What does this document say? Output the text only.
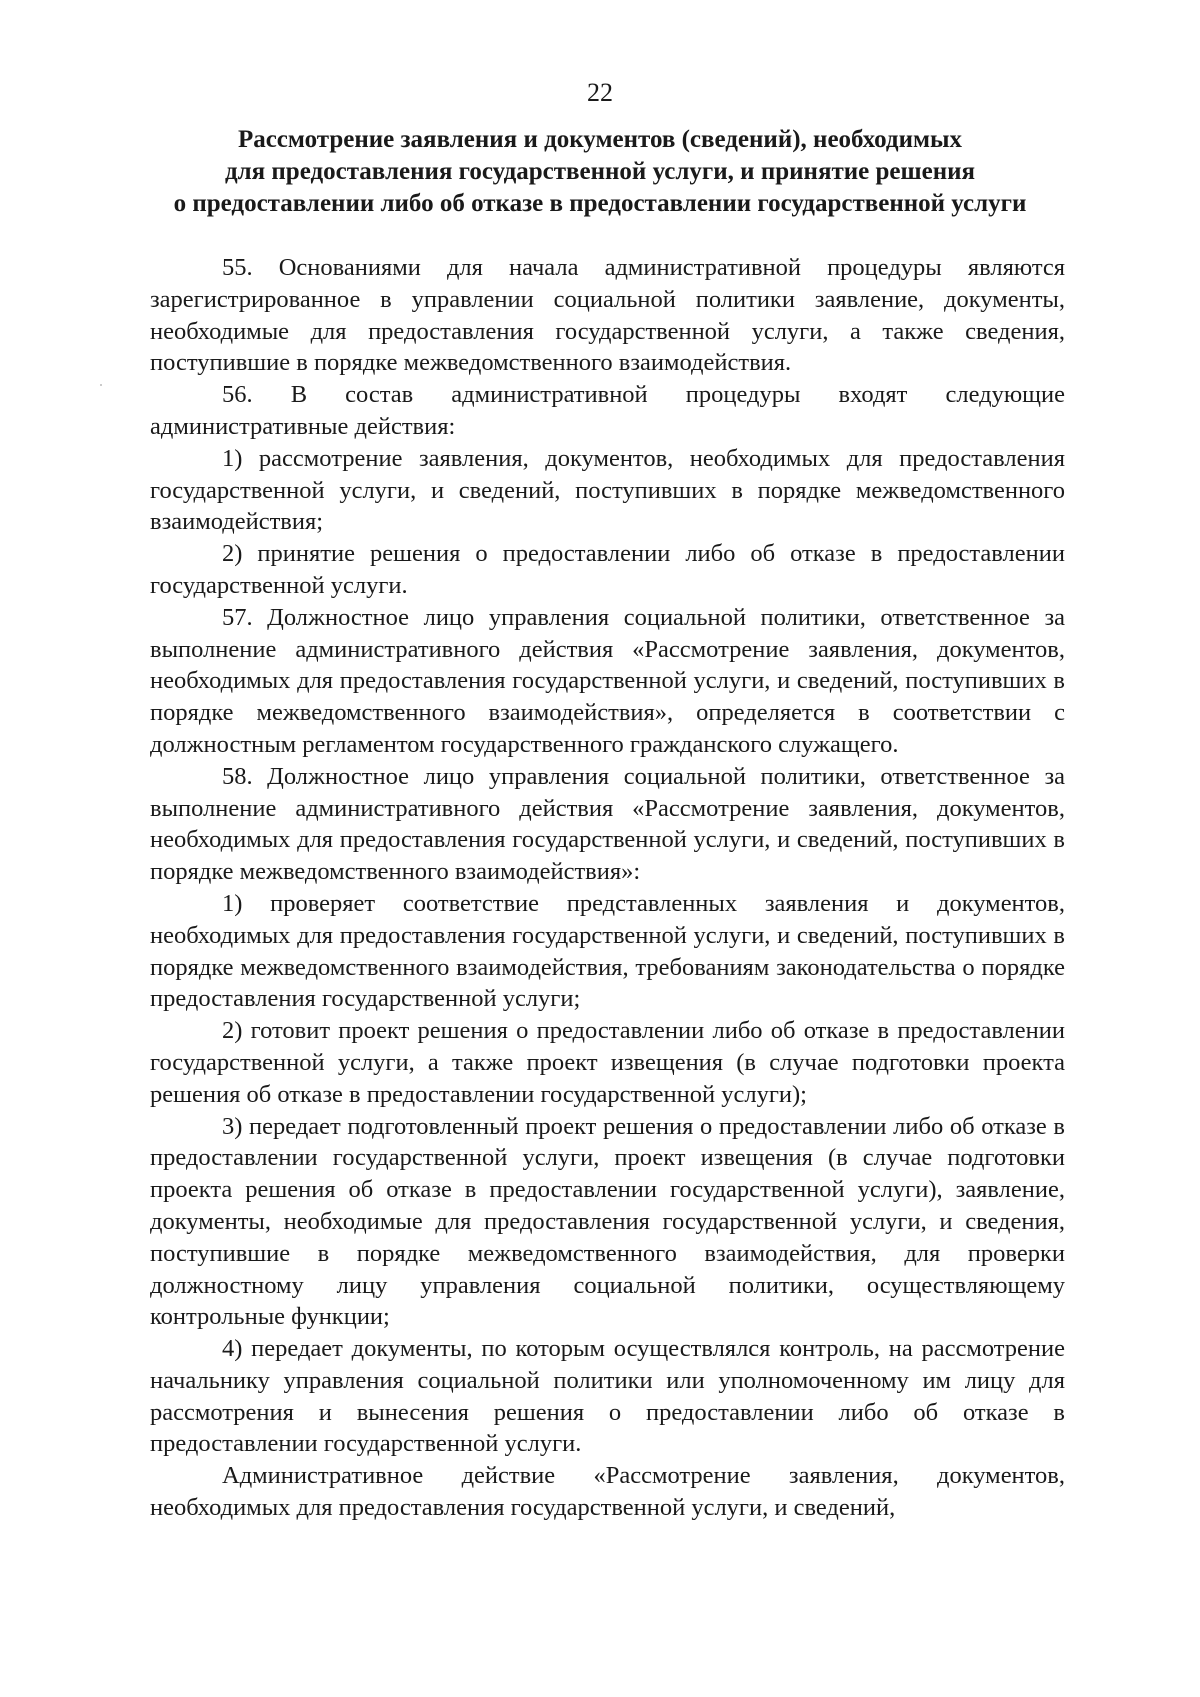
22
Рассмотрение заявления и документов (сведений), необходимых
для предоставления государственной услуги, и принятие решения
о предоставлении либо об отказе в предоставлении государственной услуги

55. Основаниями для начала административной процедуры являются зарегистрированное в управлении социальной политики заявление, документы, необходимые для предоставления государственной услуги, а также сведения, поступившие в порядке межведомственного взаимодействия.

56. В состав административной процедуры входят следующие административные действия:

1) рассмотрение заявления, документов, необходимых для предоставления государственной услуги, и сведений, поступивших в порядке межведомственного взаимодействия;

2) принятие решения о предоставлении либо об отказе в предоставлении государственной услуги.

57. Должностное лицо управления социальной политики, ответственное за выполнение административного действия «Рассмотрение заявления, документов, необходимых для предоставления государственной услуги, и сведений, поступивших в порядке межведомственного взаимодействия», определяется в соответствии с должностным регламентом государственного гражданского служащего.

58. Должностное лицо управления социальной политики, ответственное за выполнение административного действия «Рассмотрение заявления, документов, необходимых для предоставления государственной услуги, и сведений, поступивших в порядке межведомственного взаимодействия»:

1) проверяет соответствие представленных заявления и документов, необходимых для предоставления государственной услуги, и сведений, поступивших в порядке межведомственного взаимодействия, требованиям законодательства о порядке предоставления государственной услуги;

2) готовит проект решения о предоставлении либо об отказе в предоставлении государственной услуги, а также проект извещения (в случае подготовки проекта решения об отказе в предоставлении государственной услуги);

3) передает подготовленный проект решения о предоставлении либо об отказе в предоставлении государственной услуги, проект извещения (в случае подготовки проекта решения об отказе в предоставлении государственной услуги), заявление, документы, необходимые для предоставления государственной услуги, и сведения, поступившие в порядке межведомственного взаимодействия, для проверки должностному лицу управления социальной политики, осуществляющему контрольные функции;

4) передает документы, по которым осуществлялся контроль, на рассмотрение начальнику управления социальной политики или уполномоченному им лицу для рассмотрения и вынесения решения о предоставлении либо об отказе в предоставлении государственной услуги.

Административное действие «Рассмотрение заявления, документов, необходимых для предоставления государственной услуги, и сведений,
